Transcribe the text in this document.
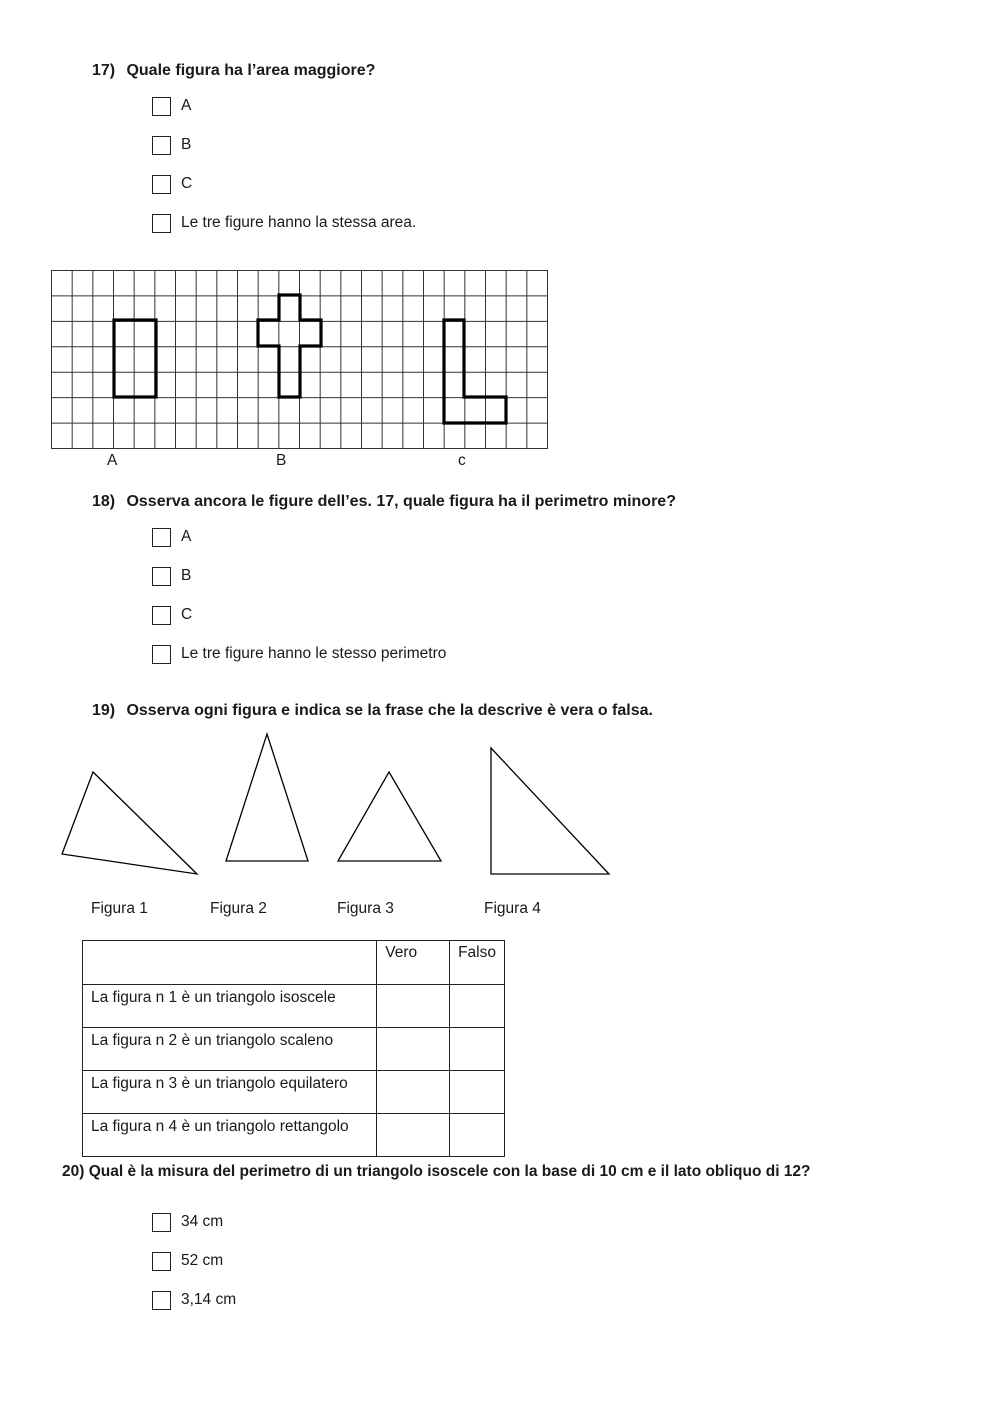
17) Quale figura ha l’area maggiore?
A
B
C
Le tre figure hanno la stessa area.
A	B	c
18) Osserva ancora le figure dell’es. 17, quale figura ha il perimetro minore?
A
B
C
Le tre figure hanno le stesso perimetro
19) Osserva ogni figura e indica se la frase che la descrive è vera o falsa.
Figura 1	Figura 2	Figura 3	Figura 4
	Vero	Falso
La figura n 1 è un triangolo isoscele		
La figura n 2 è un triangolo scaleno		
La figura n 3 è un triangolo equilatero		
La figura n 4 è un triangolo rettangolo		
20) Qual è la misura del perimetro di un triangolo isoscele con la base di 10 cm e il lato obliquo di 12?
34 cm
52 cm
3,14 cm
